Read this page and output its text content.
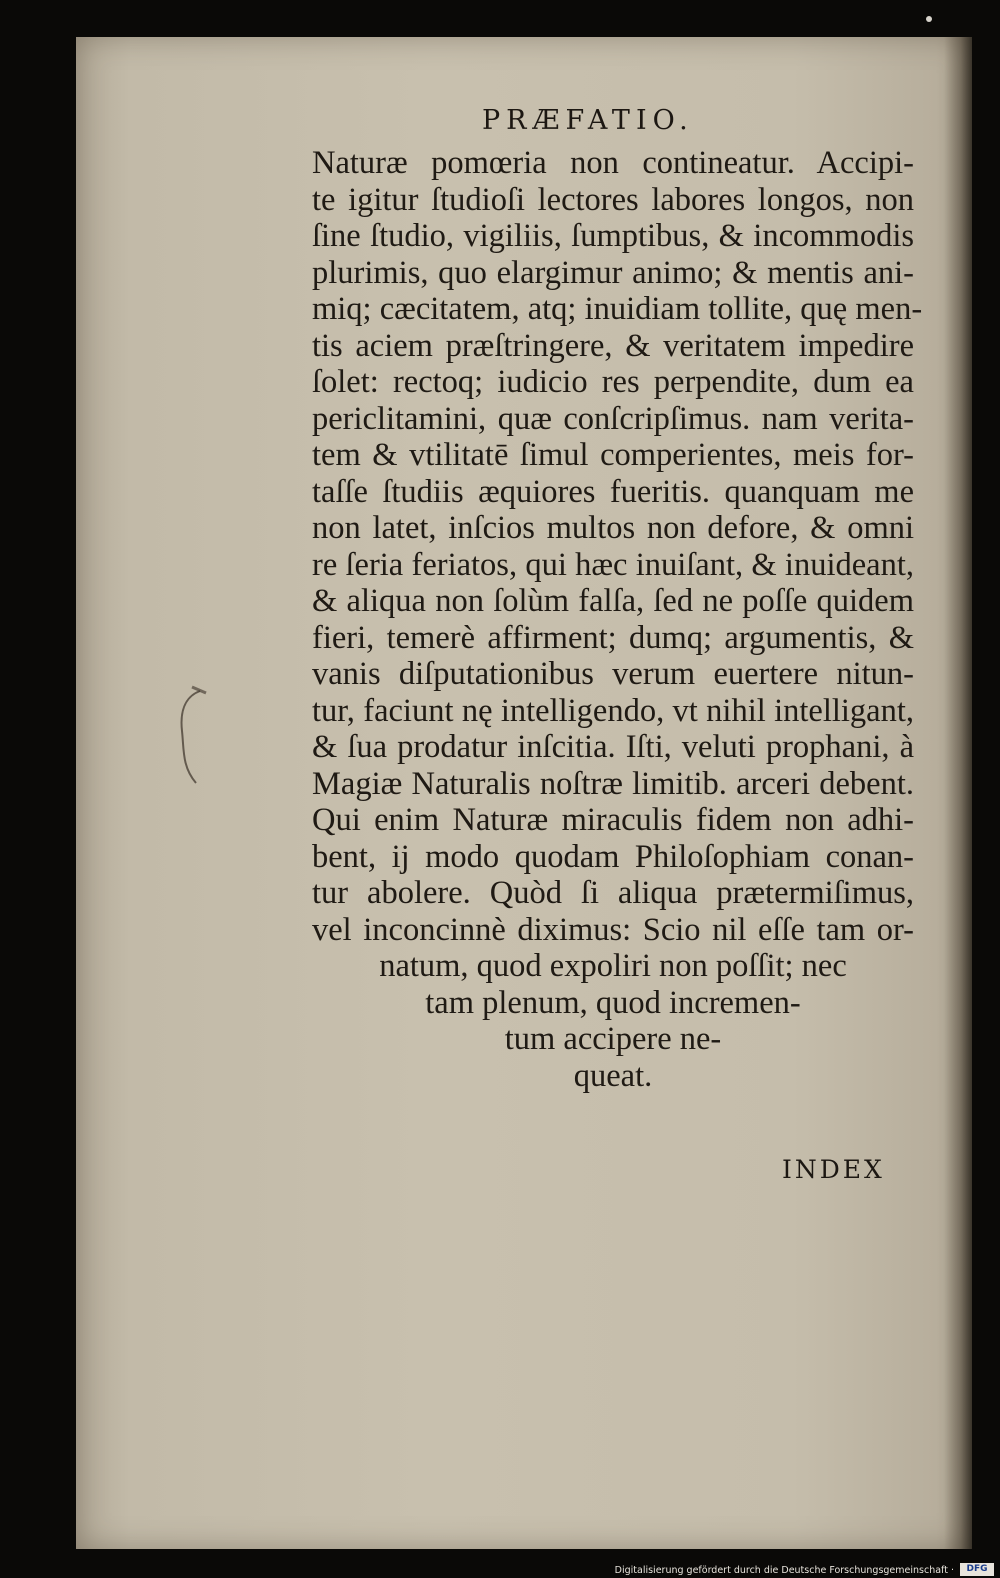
PRÆFATIO.
Naturæ pomœria non contineatur. Accipi-
te igitur ſtudioſi lectores labores longos, non
ſine ſtudio, vigiliis, ſumptibus, & incommodis
plurimis, quo elargimur animo; & mentis ani-
miq; cæcitatem, atq; inuidiam tollite, quę men-
tis aciem præſtringere, & veritatem impedire
ſolet: rectoq; iudicio res perpendite, dum ea
periclitamini, quæ conſcripſimus. nam verita-
tem & vtilitatē ſimul comperientes, meis for-
taſſe ſtudiis æquiores fueritis. quanquam me
non latet, inſcios multos non defore, & omni
re ſeria feriatos, qui hæc inuiſant, & inuideant,
& aliqua non ſolùm falſa, ſed ne poſſe quidem
fieri, temerè affirment; dumq; argumentis, &
vanis diſputationibus verum euertere nitun-
tur, faciunt nę intelligendo, vt nihil intelligant,
& ſua prodatur inſcitia. Iſti, veluti prophani, à
Magiæ Naturalis noſtræ limitib. arceri debent.
Qui enim Naturæ miraculis fidem non adhi-
bent, ij modo quodam Philoſophiam conan-
tur abolere. Quòd ſi aliqua prætermiſimus,
vel inconcinnè diximus: Scio nil eſſe tam or-
natum, quod expoliri non poſſit; nec
tam plenum, quod incremen-
tum accipere ne-
queat.
INDEX
Digitalisierung gefördert durch die Deutsche Forschungsgemeinschaft ·	DFG
